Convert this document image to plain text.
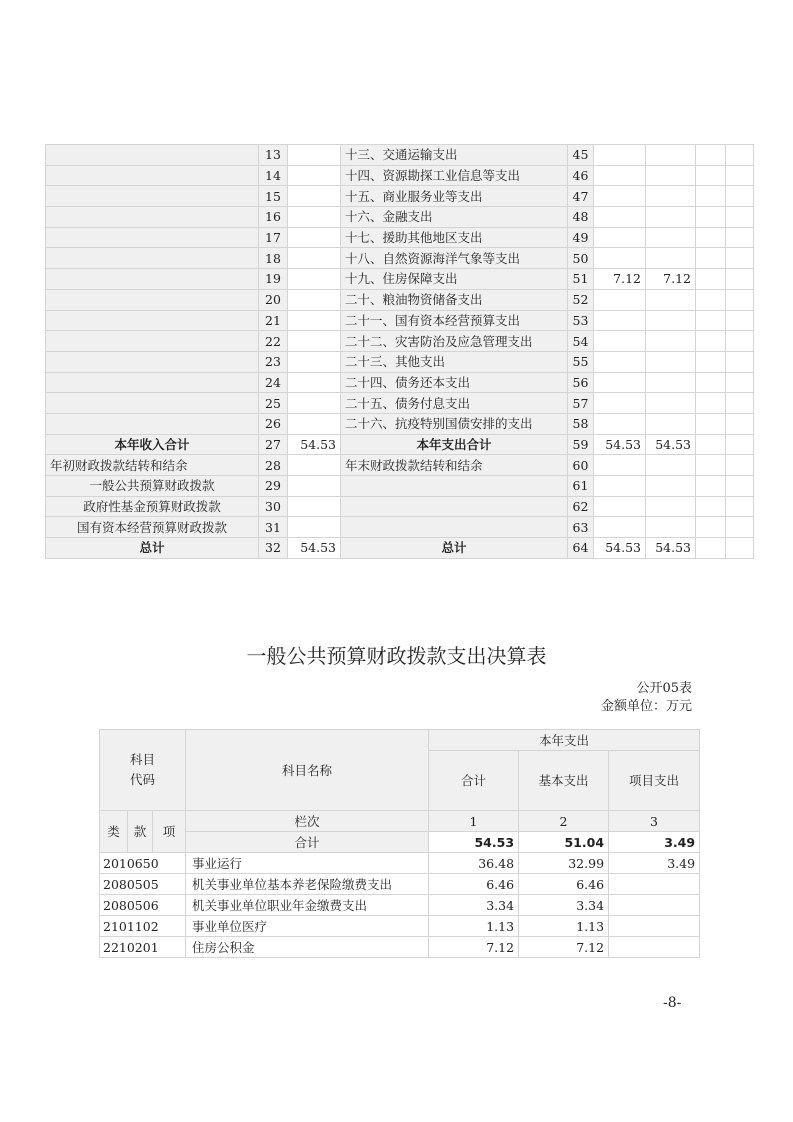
	13		十三、交通运输支出	45				
	14		十四、资源勘探工业信息等支出	46				
	15		十五、商业服务业等支出	47				
	16		十六、金融支出	48				
	17		十七、援助其他地区支出	49				
	18		十八、自然资源海洋气象等支出	50				
	19		十九、住房保障支出	51	7.12	7.12		
	20		二十、粮油物资储备支出	52				
	21		二十一、国有资本经营预算支出	53				
	22		二十二、灾害防治及应急管理支出	54				
	23		二十三、其他支出	55				
	24		二十四、债务还本支出	56				
	25		二十五、债务付息支出	57				
	26		二十六、抗疫特别国债安排的支出	58				
本年收入合计	27	54.53	本年支出合计	59	54.53	54.53		
年初财政拨款结转和结余	28		年末财政拨款结转和结余	60				
一般公共预算财政拨款	29			61				
政府性基金预算财政拨款	30			62				
国有资本经营预算财政拨款	31			63				
总计	32	54.53	总计	64	54.53	54.53		
一般公共预算财政拨款支出决算表
公开05表
金额单位：万元
科目
代码			科目名称	本年支出		
				合计	基本支出	项目支出
类	款	项	栏次	1	2	3
			合计	54.53	51.04	3.49
2010650			事业运行	36.48	32.99	3.49
2080505			机关事业单位基本养老保险缴费支出	6.46	6.46	
2080506			机关事业单位职业年金缴费支出	3.34	3.34	
2101102			事业单位医疗	1.13	1.13	
2210201			住房公积金	7.12	7.12	
-8-
